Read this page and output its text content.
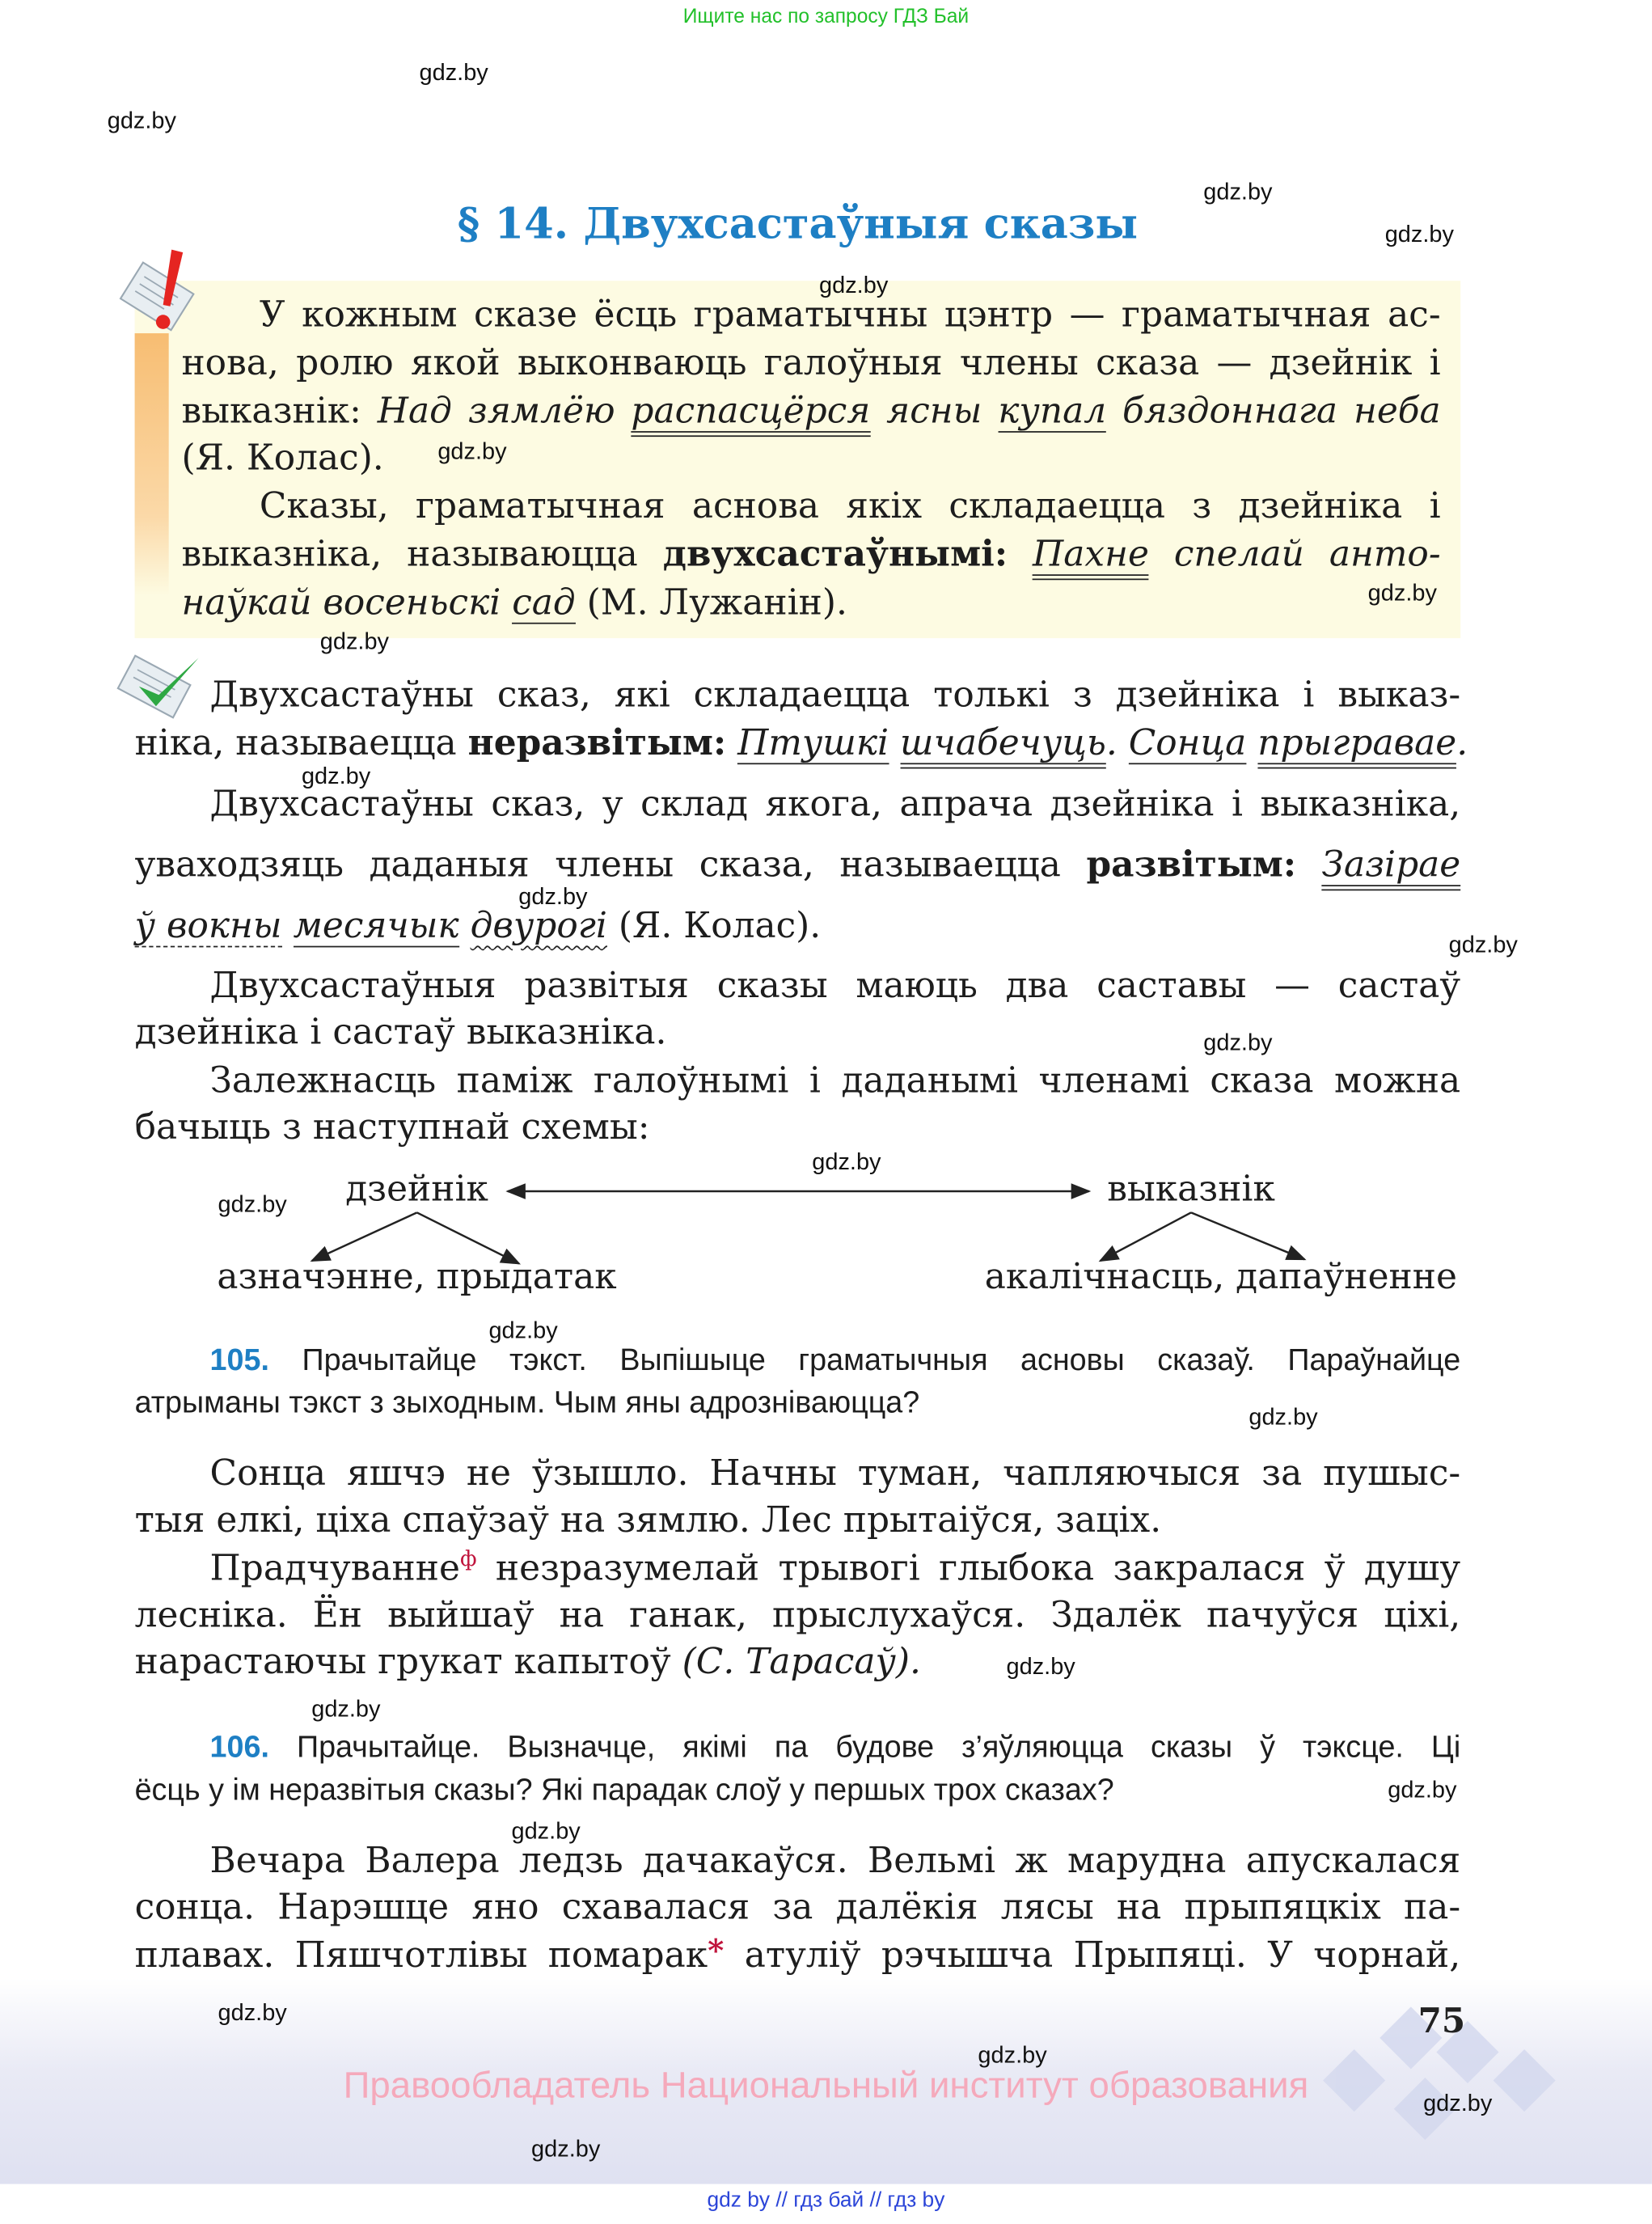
Ищите нас по запросу ГДЗ Бай
§ 14. Двухсастаўныя сказы
У кожным сказе ёсць граматычны цэнтр — граматычная ас-
нова, ролю якой выконваюць галоўныя члены сказа — дзейнік і
выказнік: Над зямлёю распасцёрся ясны купал бяздоннага неба
(Я. Колас).
Сказы, граматычная аснова якіх складаецца з дзейніка і
выказніка, называюцца двухсастаўнымі: Пахне спелай анто-
наўкай восеньскі сад (М. Лужанін).
Двухсастаўны сказ, які складаецца толькі з дзейніка і выказ-
ніка, называецца неразвітым: Птушкі шчабечуць. Сонца прыгравае.
Двухсастаўны сказ, у склад якога, апрача дзейніка і выказніка,
уваходзяць даданыя члены сказа, называецца развітым: Зазірае
ў вокны месячык двурогі (Я. Колас).
Двухсастаўныя развітыя сказы маюць два саставы — састаў
дзейніка і састаў выказніка.
Залежнасць паміж галоўнымі і даданымі членамі сказа можна
бачыць з наступнай схемы:
105. Прачытайце тэкст. Выпішыце граматычныя асновы сказаў. Параўнайце
атрыманы тэкст з зыходным. Чым яны адрозніваюцца?
Сонца яшчэ не ўзышло. Начны туман, чапляючыся за пушыс-
тыя елкі, ціха спаўзаў на зямлю. Лес прытаіўся, заціх.
Прадчуванне$^ф$ незразумелай трывогі глыбока закралася ў душу
лесніка. Ён выйшаў на ганак, прыслухаўся. Здалёк пачуўся ціхі,
нарастаючы грукат капытоў (С. Тарасаў).
106. Прачытайце. Вызначце, якімі па будове з’яўляюцца сказы ў тэксце. Ці
ёсць у ім неразвітыя сказы? Які парадак слоў у першых трох сказах?
Вечара Валера ледзь дачакаўся. Вельмі ж марудна апускалася
сонца. Нарэшце яно схавалася за далёкія лясы на прыпяцкіх па-
плавах. Пяшчотлівы помарак* атуліў рэчышча Прыпяці. У чорнай,
дзейнік	выказнік
азначэнне, прыдатак	акалічнасць, дапаўненне
75
Правообладатель Национальный институт образования
gdz by // гдз бай // гдз by
gdz.by
gdz.by
gdz.by
gdz.by
gdz.by
gdz.by
gdz.by
gdz.by
gdz.by
gdz.by
gdz.by
gdz.by
gdz.by
gdz.by
gdz.by
gdz.by
gdz.by
gdz.by
gdz.by
gdz.by
gdz.by
gdz.by
gdz.by
gdz.by
